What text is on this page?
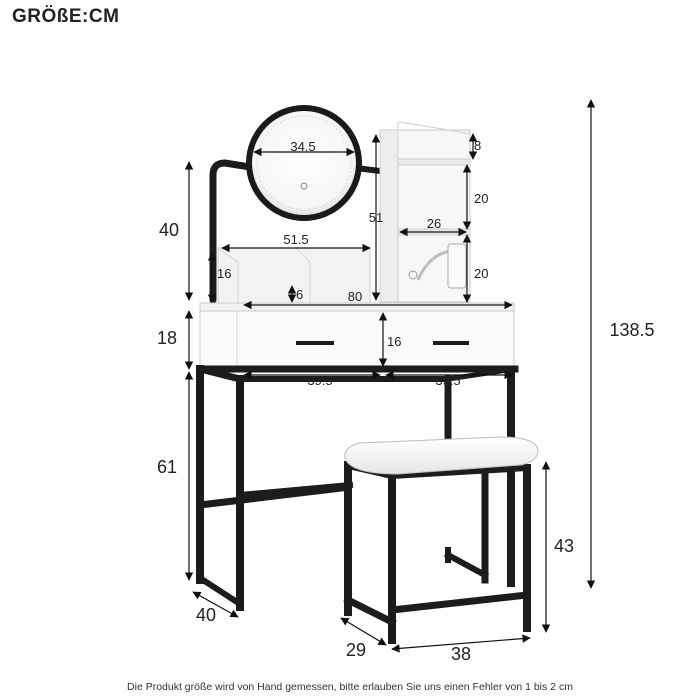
GRÖßE:CM
34.5	8
20
51	26
20
40	51.5
16
6	80
18	16
39.5	39.5
61
138.5
43
40
29	38
Die Produkt größe wird von Hand gemessen, bitte erlauben Sie uns einen Fehler von 1 bis 2 cm
